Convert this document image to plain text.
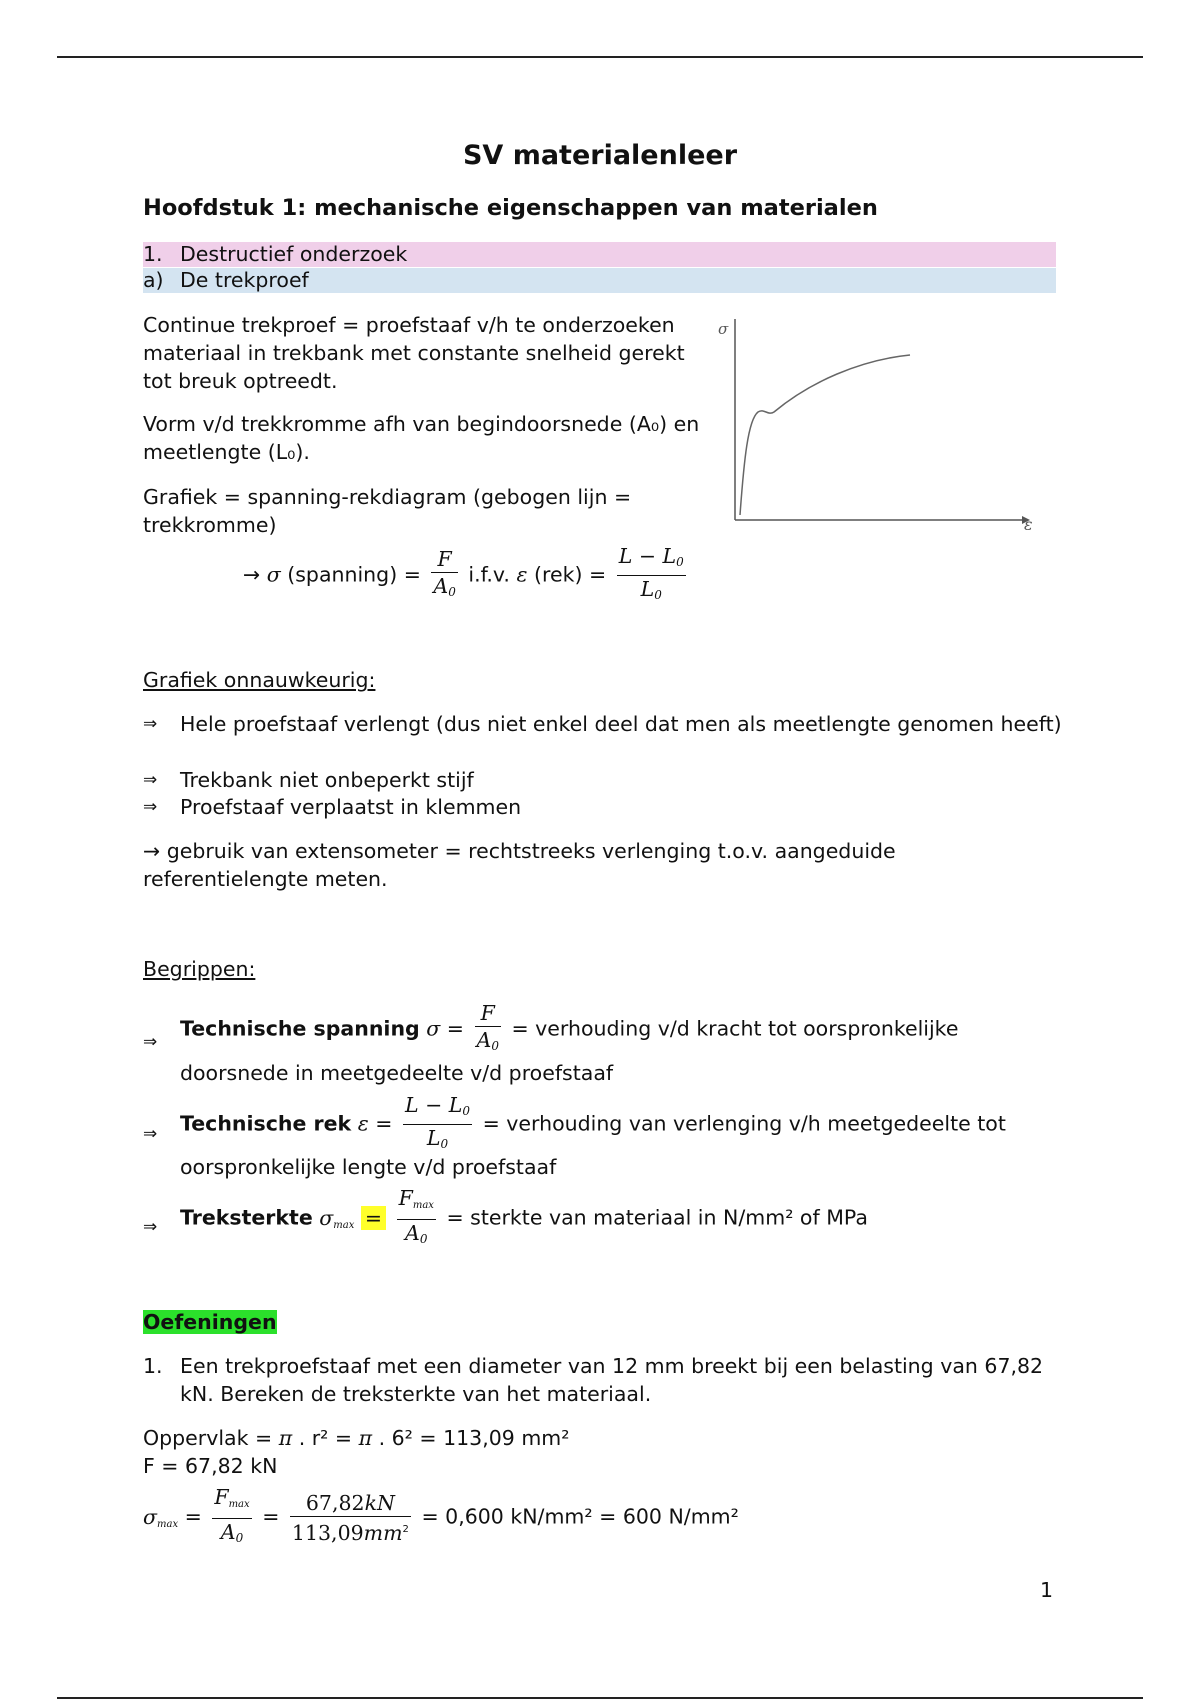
SV materialenleer
Hoofdstuk 1: mechanische eigenschappen van materialen
1. Destructief onderzoek
a) De trekproef

Continue trekproef = proefstaaf v/h te onderzoeken materiaal in trekbank met constante snelheid gerekt tot breuk optreedt.

Vorm v/d trekkromme afh van begindoorsnede (A₀) en meetlengte (L₀).

Grafiek = spanning-rekdiagram (gebogen lijn = trekkromme)

σ
ε
→ σ (spanning) = $\frac{F}{A_0} i.f.v$. ε $(rek) = \frac{L - L_0}{L_0}$

Grafiek onnauwkeurig:

⇒ Hele proefstaaf verlengt (dus niet enkel deel dat men als meetlengte genomen heeft)
⇒ Trekbank niet onbeperkt stijf
⇒ Proefstaaf verplaatst in klemmen

→ gebruik van extensometer = rechtstreeks verlenging t.o.v. aangeduide referentielengte meten.

Begrippen:

⇒
Technische spanning $\sigma = \frac{F}{A_0}$ = verhouding v/d kracht tot oorspronkelijke
doorsnede in meetgedeelte v/d proefstaaf
⇒ Technische rek $\varepsilon = \frac{L - L_0}{L_0}$ = verhouding van verlenging v/h meetgedeelte tot
oorspronkelijke lengte v/d proefstaaf
⇒ Treksterkte $\sigma_{max} = \frac{F_{max}}{A_0}$ = sterkte van materiaal in N/mm² of MPa

Oefeningen

1. Een trekproefstaaf met een diameter van 12 mm breekt bij een belasting van 67,82 kN. Bereken de treksterkte van het materiaal.

Oppervlak = π . r² = π . 6² = 113,09 mm²

F = 67,82 kN

$\sigma_{max} = \frac{F_{max}}{A_0} = \frac{67,82kN}{113,09mm^2} = 0,600$ kN/mm² = 600 N/mm²

1
